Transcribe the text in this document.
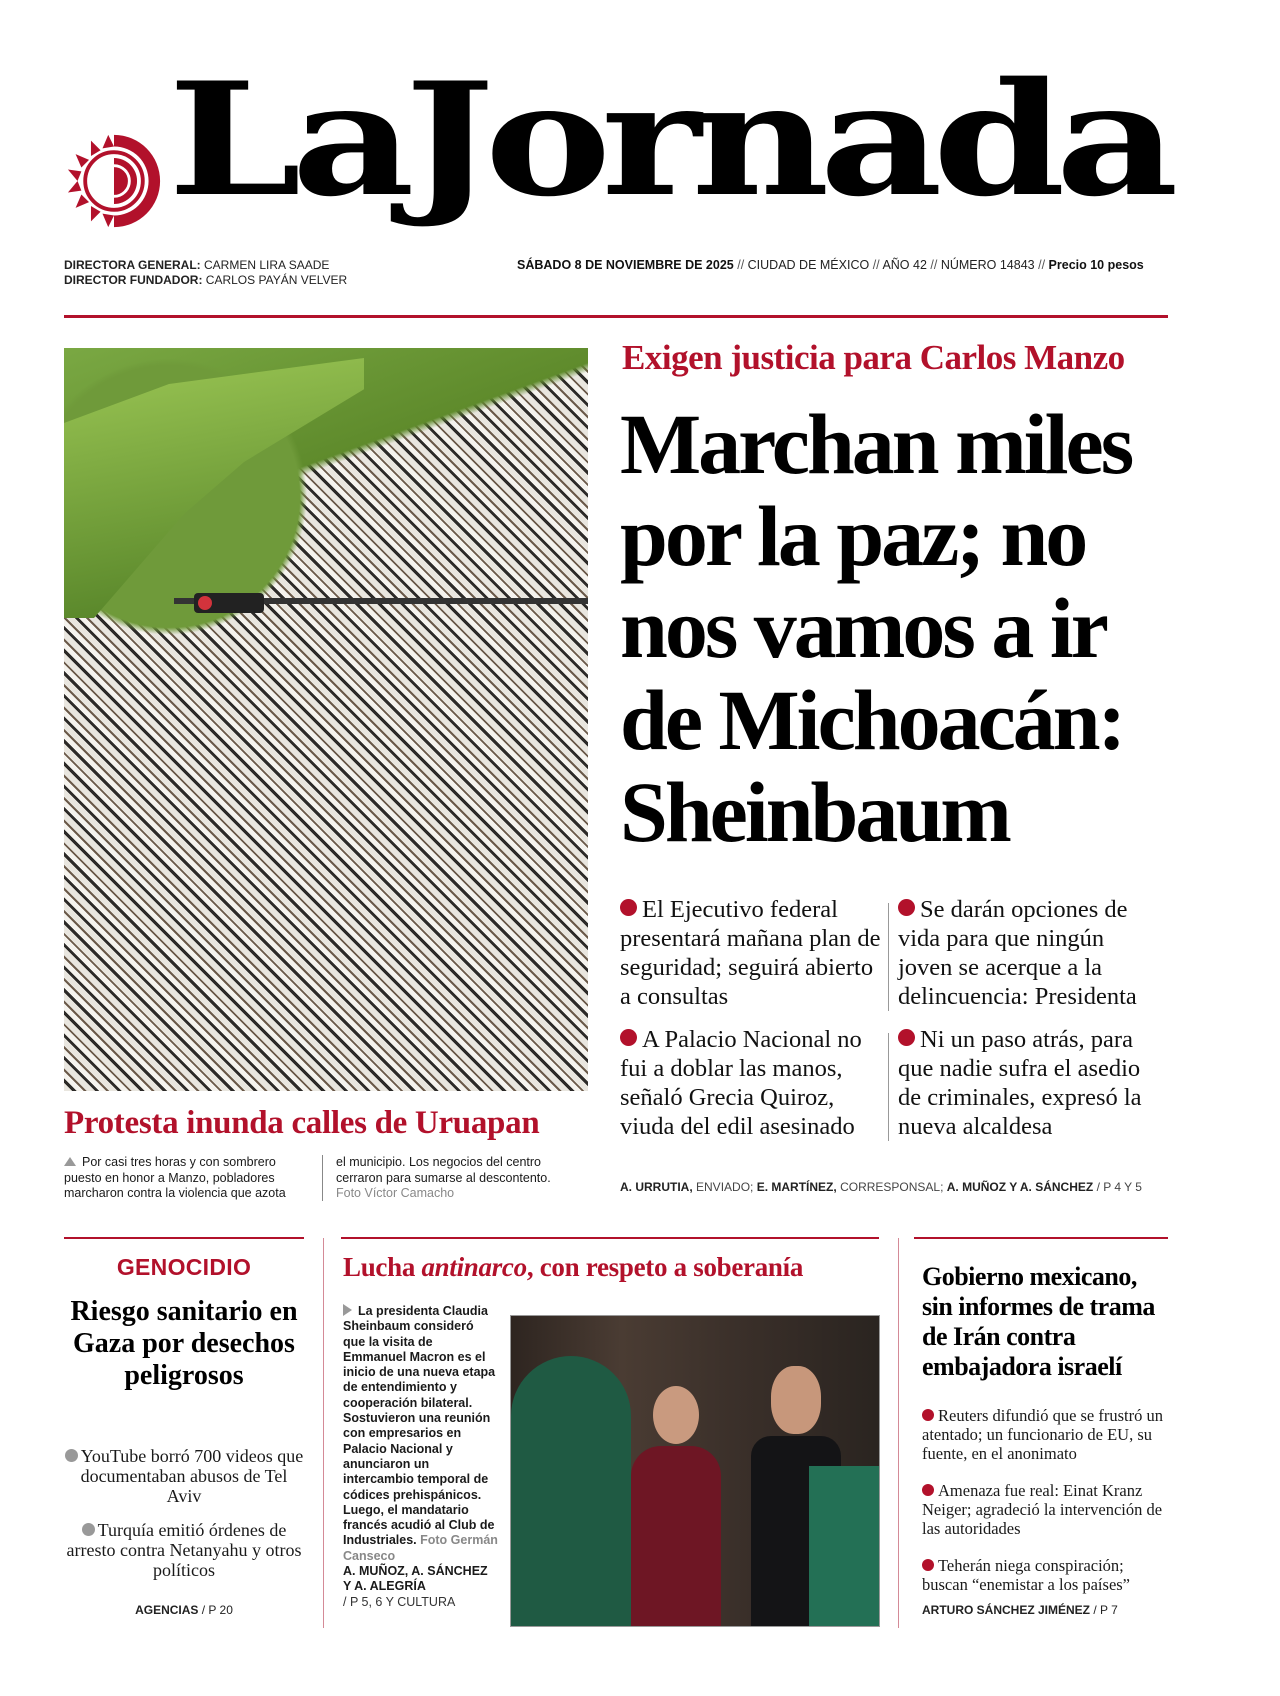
LaJornada
DIRECTORA GENERAL: CARMEN LIRA SAADE
DIRECTOR FUNDADOR: CARLOS PAYÁN VELVER
SÁBADO 8 DE NOVIEMBRE DE 2025 // CIUDAD DE MÉXICO // AÑO 42 // NÚMERO 14843 // Precio 10 pesos
Protesta inunda calles de Uruapan
Por casi tres horas y con sombrero puesto en honor a Manzo, pobladores marcharon contra la violencia que azota
el municipio. Los negocios del centro cerraron para sumarse al descontento.
Foto Víctor Camacho
Exigen justicia para Carlos Manzo
Marchan miles por la paz; no nos vamos a ir de Michoacán: Sheinbaum
El Ejecutivo federal presentará mañana plan de seguridad; seguirá abierto a consultas
Se darán opciones de vida para que ningún joven se acerque a la delincuencia: Presidenta
A Palacio Nacional no fui a doblar las manos, señaló Grecia Quiroz, viuda del edil asesinado
Ni un paso atrás, para que nadie sufra el asedio de criminales, expresó la nueva alcaldesa
A. URRUTIA, ENVIADO; E. MARTÍNEZ, CORRESPONSAL; A. MUÑOZ Y A. SÁNCHEZ / P 4 Y 5
GENOCIDIO
Riesgo sanitario en Gaza por desechos peligrosos

YouTube borró 700 videos que documentaban abusos de Tel Aviv

Turquía emitió órdenes de arresto contra Netanyahu y otros políticos

AGENCIAS / P 20
Lucha antinarco, con respeto a soberanía
La presidenta Claudia Sheinbaum consideró que la visita de Emmanuel Macron es el inicio de una nueva etapa de entendimiento y cooperación bilateral. Sostuvieron una reunión con empresarios en Palacio Nacional y anunciaron un intercambio temporal de códices prehispánicos. Luego, el mandatario francés acudió al Club de Industriales. Foto Germán Canseco
A. MUÑOZ, A. SÁNCHEZ Y A. ALEGRÍA
/ P 5, 6 Y CULTURA
Gobierno mexicano, sin informes de trama de Irán contra embajadora israelí

Reuters difundió que se frustró un atentado; un funcionario de EU, su fuente, en el anonimato

Amenaza fue real: Einat Kranz Neiger; agradeció la intervención de las autoridades

Teherán niega conspiración; buscan “enemistar a los países”

ARTURO SÁNCHEZ JIMÉNEZ / P 7
